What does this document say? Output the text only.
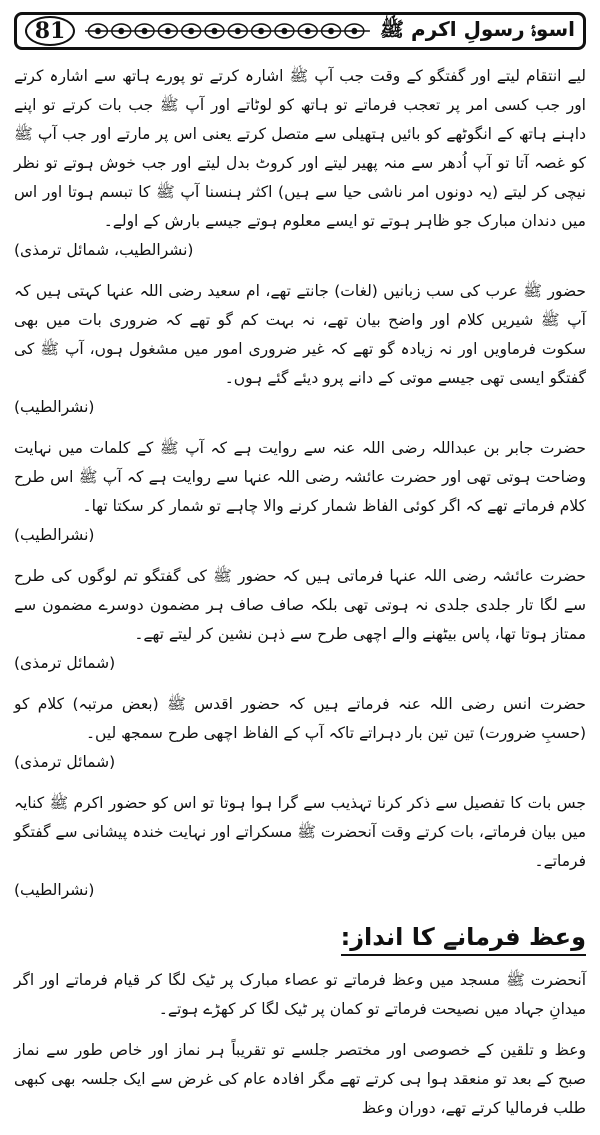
81	اسوۂ رسولِ اکرم ﷺ
لیے انتقام لیتے اور گفتگو کے وقت جب آپ ﷺ اشارہ کرتے تو پورے ہاتھ سے اشارہ کرتے اور جب کسی امر پر تعجب فرماتے تو ہاتھ کو لوٹاتے اور آپ ﷺ جب بات کرتے تو اپنے داہنے ہاتھ کے انگوٹھے کو بائیں ہتھیلی سے متصل کرتے یعنی اس پر مارتے اور جب آپ ﷺ کو غصہ آتا تو آپ اُدھر سے منہ پھیر لیتے اور کروٹ بدل لیتے اور جب خوش ہوتے تو نظر نیچی کر لیتے (یہ دونوں امر ناشی حیا سے ہیں) اکثر ہنسنا آپ ﷺ کا تبسم ہوتا اور اس میں دندان مبارک جو ظاہر ہوتے تو ایسے معلوم ہوتے جیسے بارش کے اولے۔
(نشرالطیب، شمائل ترمذی)
حضور ﷺ عرب کی سب زبانیں (لغات) جانتے تھے، ام سعید رضی اللہ عنہا کہتی ہیں کہ آپ ﷺ شیریں کلام اور واضح بیان تھے، نہ بہت کم گو تھے کہ ضروری بات میں بھی سکوت فرماویں اور نہ زیادہ گو تھے کہ غیر ضروری امور میں مشغول ہوں، آپ ﷺ کی گفتگو ایسی تھی جیسے موتی کے دانے پرو دیئے گئے ہوں۔
(نشرالطیب)
حضرت جابر بن عبداللہ رضی اللہ عنہ سے روایت ہے کہ آپ ﷺ کے کلمات میں نہایت وضاحت ہوتی تھی اور حضرت عائشہ رضی اللہ عنہا سے روایت ہے کہ آپ ﷺ اس طرح کلام فرماتے تھے کہ اگر کوئی الفاظ شمار کرنے والا چاہے تو شمار کر سکتا تھا۔
(نشرالطیب)
حضرت عائشہ رضی اللہ عنہا فرماتی ہیں کہ حضور ﷺ کی گفتگو تم لوگوں کی طرح سے لگا تار جلدی جلدی نہ ہوتی تھی بلکہ صاف صاف ہر مضمون دوسرے مضمون سے ممتاز ہوتا تھا، پاس بیٹھنے والے اچھی طرح سے ذہن نشین کر لیتے تھے۔
(شمائل ترمذی)
حضرت انس رضی اللہ عنہ فرماتے ہیں کہ حضور اقدس ﷺ (بعض مرتبہ) کلام کو (حسبِ ضرورت) تین تین بار دہراتے تاکہ آپ کے الفاظ اچھی طرح سمجھ لیں۔
(شمائل ترمذی)
جس بات کا تفصیل سے ذکر کرنا تہذیب سے گرا ہوا ہوتا تو اس کو حضور اکرم ﷺ کنایہ میں بیان فرماتے، بات کرتے وقت آنحضرت ﷺ مسکراتے اور نہایت خندہ پیشانی سے گفتگو فرماتے۔
(نشرالطیب)
وعظ فرمانے کا انداز:
آنحضرت ﷺ مسجد میں وعظ فرماتے تو عصاء مبارک پر ٹیک لگا کر قیام فرماتے اور اگر میدانِ جہاد میں نصیحت فرماتے تو کمان پر ٹیک لگا کر کھڑے ہوتے۔
وعظ و تلقین کے خصوصی اور مختصر جلسے تو تقریباً ہر نماز اور خاص طور سے نماز صبح کے بعد تو منعقد ہوا ہی کرتے تھے مگر افادہ عام کی غرض سے ایک جلسہ بھی کبھی طلب فرمالیا کرتے تھے، دوران وعظ
